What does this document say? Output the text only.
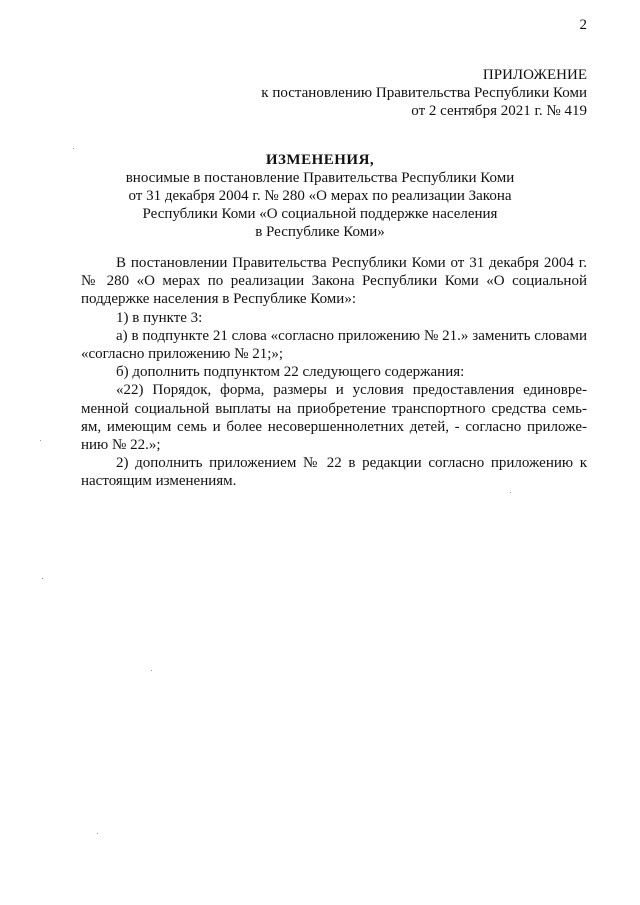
2
ПРИЛОЖЕНИЕ
к постановлению Правительства Республики Коми
от 2 сентября 2021 г. № 419
ИЗМЕНЕНИЯ,
вносимые в постановление Правительства Республики Коми
от 31 декабря 2004 г. № 280 «О мерах по реализации Закона
Республики Коми «О социальной поддержке населения
в Республике Коми»

В постановлении Правительства Республики Коми от 31 декабря 2004 г. № 280 «О мерах по реализации Закона Республики Коми «О социальной поддержке населения в Республике Коми»:

1) в пункте 3:

а) в подпункте 21 слова «согласно приложению № 21.» заменить словами «согласно приложению № 21;»;

б) дополнить подпунктом 22 следующего содержания:

«22) Порядок, форма, размеры и условия предоставления единовременной социальной выплаты на приобретение транспортного средства семьям, имеющим семь и более несовершеннолетних детей, - согласно приложению № 22.»;

2) дополнить приложением № 22 в редакции согласно приложению к настоящим изменениям.
